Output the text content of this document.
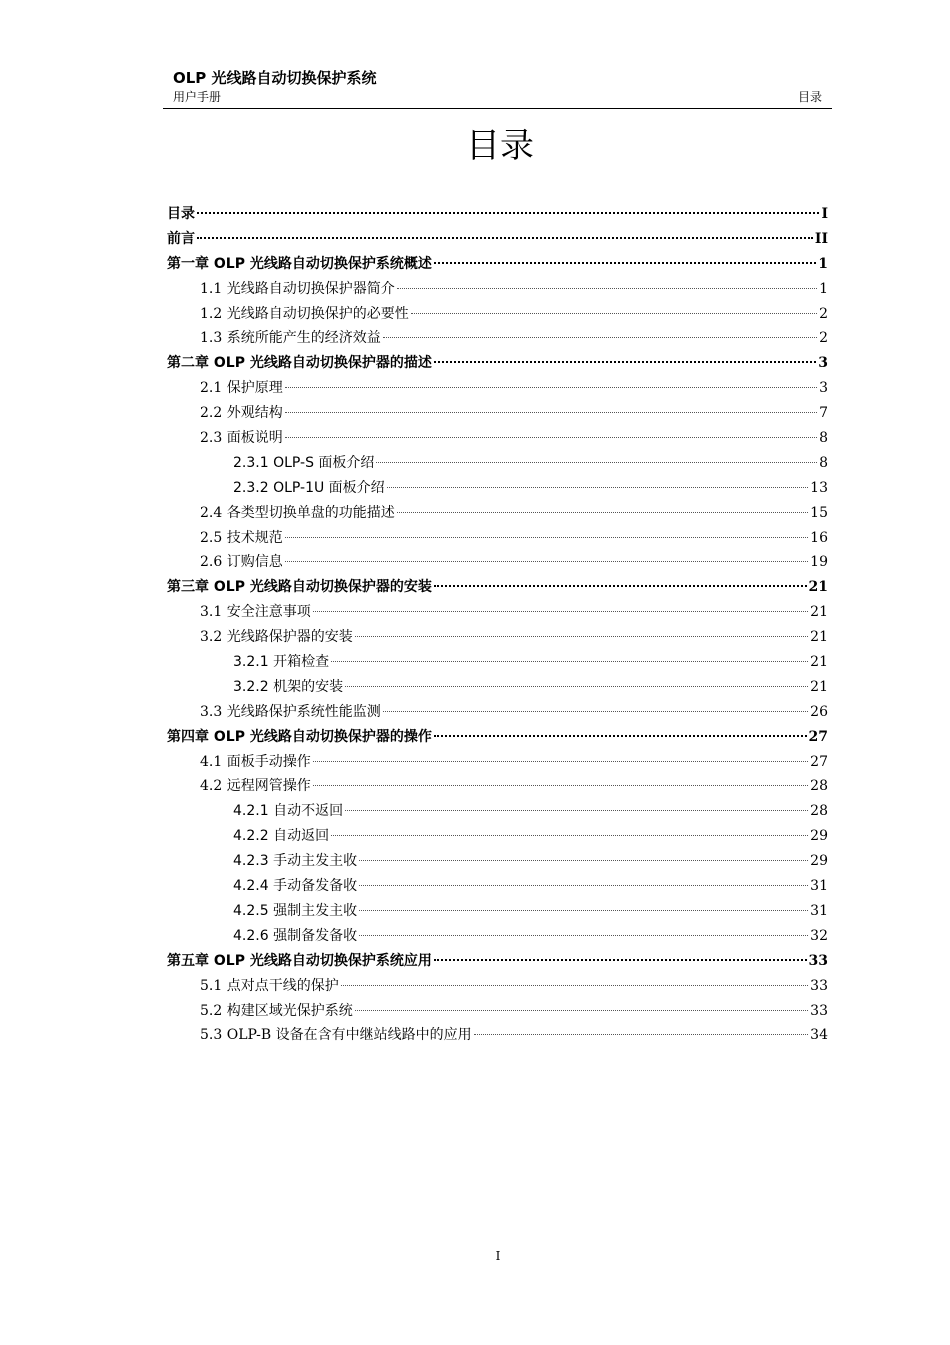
OLP 光线路自动切换保护系统
用户手册	目录
目录
目录	I
前言	II
第一章 OLP 光线路自动切换保护系统概述	1
1.1 光线路自动切换保护器简介	1
1.2 光线路自动切换保护的必要性	2
1.3 系统所能产生的经济效益	2
第二章 OLP 光线路自动切换保护器的描述	3
2.1 保护原理	3
2.2 外观结构	7
2.3 面板说明	8
2.3.1 OLP-S 面板介绍	8
2.3.2 OLP-1U 面板介绍	13
2.4 各类型切换单盘的功能描述	15
2.5 技术规范	16
2.6 订购信息	19
第三章 OLP 光线路自动切换保护器的安装	21
3.1 安全注意事项	21
3.2 光线路保护器的安装	21
3.2.1 开箱检查	21
3.2.2 机架的安装	21
3.3 光线路保护系统性能监测	26
第四章 OLP 光线路自动切换保护器的操作	27
4.1 面板手动操作	27
4.2 远程网管操作	28
4.2.1 自动不返回	28
4.2.2 自动返回	29
4.2.3 手动主发主收	29
4.2.4 手动备发备收	31
4.2.5 强制主发主收	31
4.2.6 强制备发备收	32
第五章 OLP 光线路自动切换保护系统应用	33
5.1 点对点干线的保护	33
5.2 构建区域光保护系统	33
5.3 OLP-B 设备在含有中继站线路中的应用	34
I
